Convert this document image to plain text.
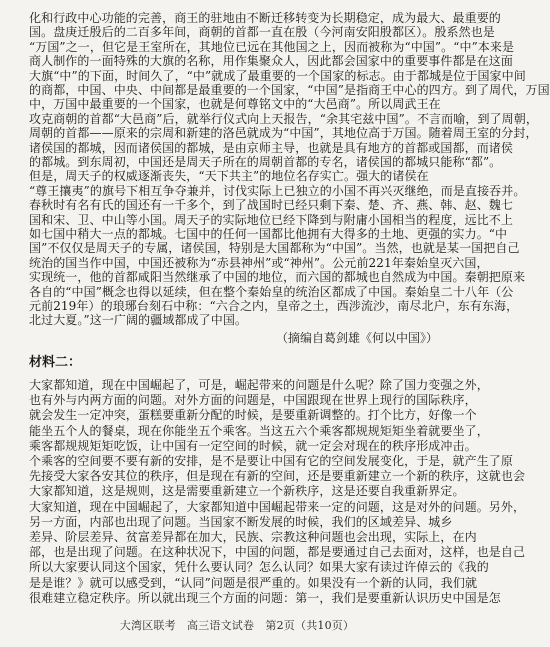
化和行政中心功能的完善，商王的驻地由不断迁移转变为长期稳定，成为最大、最重要的
国。盘庚迁殷后的二百多年间，商朝的首都一直在殷（今河南安阳殷都区）。殷系然也是
“万国”之一，但它是王室所在，其地位已远在其他国之上，因而被称为“中国”。“中”本来是
商人制作的一面特殊的大旗的名称，用作集聚众人，因此都会国家中的重要事件都是在这面
大旗“中”的下面，时间久了，“中”就成了最重要的一个国家的标志。由于都城是位于国家中间
的商都，中国、中央、中间都是最重要的一个国家，“中国”是指商王中心的四方。到了周代，万国
中，万国中最重要的一个国家，也就是何尊铭文中的“大邑商”。所以周武王在
攻克商朝的首都“大邑商”后，就举行仪式向上天报告，“余其宅兹中国”。不言而喻，到了周朝，
周朝的首都——原来的宗周和新建的洛邑就成为“中国”，其地位高于万国。随着周王室的分封，
诸侯国的都城，因而诸侯国的都城，是由京师主导，也就是具有地方的首都或国都，而诸侯
的都城。到东周初，中国还是周天子所在的周朝首都的专名，诸侯国的都城只能称“都”。
但是，周天子的权威逐渐丧失，“天下共主”的地位名存实亡。强大的诸侯在
“尊王攘夷”的旗号下相互争夺兼并，讨伐实际上已独立的小国不再兴灭继绝，而是直接吞并。
春秋时有名有氏的国还有一千多个，到了战国时已经只剩下秦、楚、齐、燕、韩、赵、魏七
国和宋、卫、中山等小国。周天子的实际地位已经下降到与附庸小国相当的程度，远比不上
如七国中稍大一点的都城。七国中的任何一国都比他拥有大得多的土地、更强的实力。“中
国”不仅仅是周天子的专属，诸侯国，特别是大国都称为“中国”。当然，也就是某一国把自己
统治的国当作中国，中国还被称为“赤县神州”或“神州”。公元前221年秦始皇灭六国，
实现统一，他的首都咸阳当然继承了中国的地位，而六国的都城也自然成为中国。秦朝把原来
各自的“中国”概念也得以延续，但在整个秦始皇的统治区都成了中国。秦始皇二十八年（公
元前219年）的琅琊台刻石中称：“六合之内，皇帝之土，西涉流沙，南尽北户，东有东海，
北过大夏。”这一广阔的疆域都成了中国。
（摘编自葛剑雄《何以中国》）
材料二：
大家都知道，现在中国崛起了，可是，崛起带来的问题是什么呢？除了国力变强之外，
也有外与内两方面的问题。对外方面的问题是，中国跟现在世界上现行的国际秩序，
就会发生一定冲突，蛋糕要重新分配的时候，是要重新调整的。打个比方，好像一个
能坐五个人的餐桌，现在你能坐五个乘客。当这五六个乘客都规规矩矩坐着就要坐了，
乘客都规规矩矩吃饭，让中国有一定空间的时候，就一定会对现在的秩序形成冲击。
个乘客的空间要不要有新的安排，是不是要让中国有它的空间发展变化，于是，就产生了原
先接受大家各安其位的秩序，但是现在有新的空间，还是要重新建立一个新的秩序，这就也会
大家都知道，这是规则，这是需要重新建立一个新秩序，这是还要自我重新界定。
大家知道，现在中国崛起了，大家都知道中国崛起带来一定的问题，这是对外的问题。另外，
另一方面，内部也出现了问题。当国家不断发展的时候，我们的区域差异、城乡
差异、阶层差异、贫富差异都在加大，民族、宗教这种问题也会出现，实际上，在内
部，也是出现了问题。在这种状况下，中国的问题，都是要通过自己去面对，这样，也是自己
所以大家要认同这个国家，凭什么要认同？怎么认同？如果大家有读过许倬云的《我的
是是谁？》就可以感受到，“认同”问题是很严重的。如果没有一个新的认同，我们就
很难建立稳定秩序。所以就出现三个方面的问题：第一，我们是要重新认识历史中国是怎
大湾区联考　高三语文试卷　第2页（共10页）
